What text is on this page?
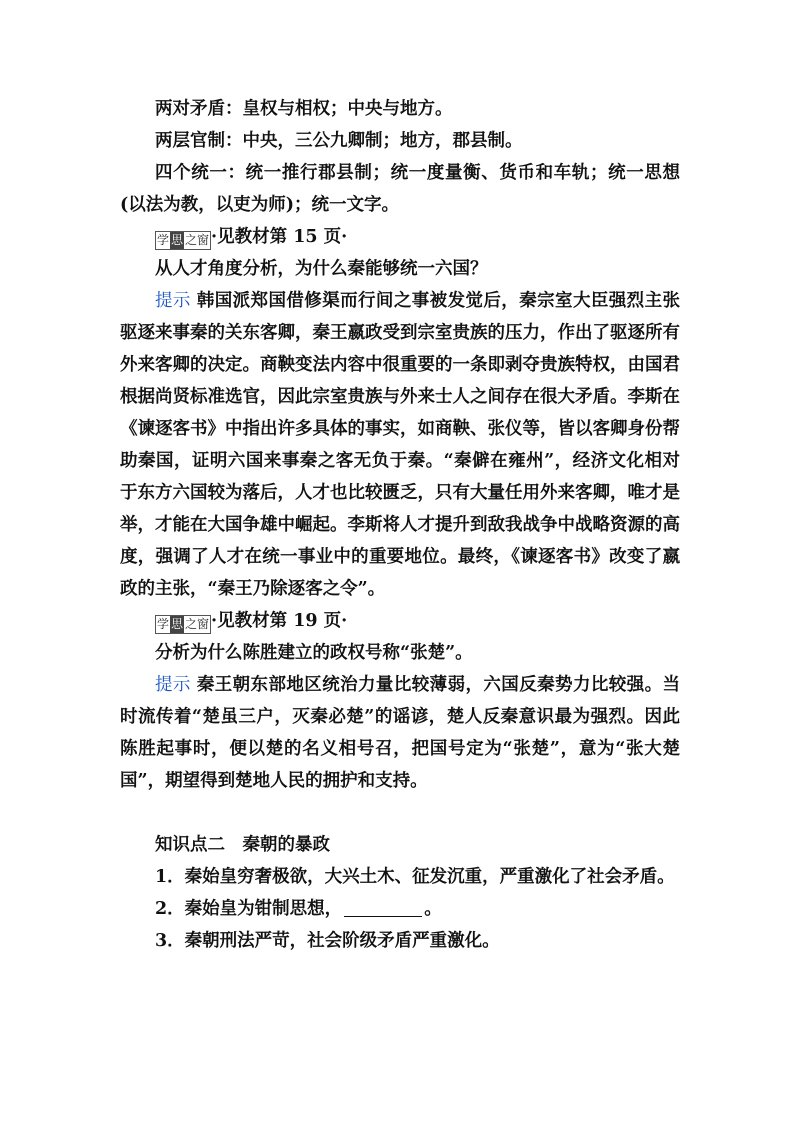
两对矛盾：皇权与相权；中央与地方。

两层官制：中央，三公九卿制；地方，郡县制。

四个统一：统一推行郡县制；统一度量衡、货币和车轨；统一思想(以法为教，以吏为师)；统一文字。

学 思 之窗 ·见教材第 15 页·

从人才角度分析，为什么秦能够统一六国？

提示 韩国派郑国借修渠而行间之事被发觉后，秦宗室大臣强烈主张驱逐来事秦的关东客卿，秦王嬴政受到宗室贵族的压力，作出了驱逐所有外来客卿的决定。商鞅变法内容中很重要的一条即剥夺贵族特权，由国君根据尚贤标准选官，因此宗室贵族与外来士人之间存在很大矛盾。李斯在《谏逐客书》中指出许多具体的事实，如商鞅、张仪等，皆以客卿身份帮助秦国，证明六国来事秦之客无负于秦。“秦僻在雍州”，经济文化相对于东方六国较为落后，人才也比较匮乏，只有大量任用外来客卿，唯才是举，才能在大国争雄中崛起。李斯将人才提升到敌我战争中战略资源的高度，强调了人才在统一事业中的重要地位。最终，《谏逐客书》改变了嬴政的主张，“秦王乃除逐客之令”。

学 思 之窗 ·见教材第 19 页·

分析为什么陈胜建立的政权号称“张楚”。

提示 秦王朝东部地区统治力量比较薄弱，六国反秦势力比较强。当时流传着“楚虽三户，灭秦必楚”的谣谚，楚人反秦意识最为强烈。因此陈胜起事时，便以楚的名义相号召，把国号定为“张楚”，意为“张大楚国”，期望得到楚地人民的拥护和支持。

知识点二　秦朝的暴政

1．秦始皇穷奢极欲，大兴土木、征发沉重，严重激化了社会矛盾。

2．秦始皇为钳制思想，	。

3．秦朝刑法严苛，社会阶级矛盾严重激化。
